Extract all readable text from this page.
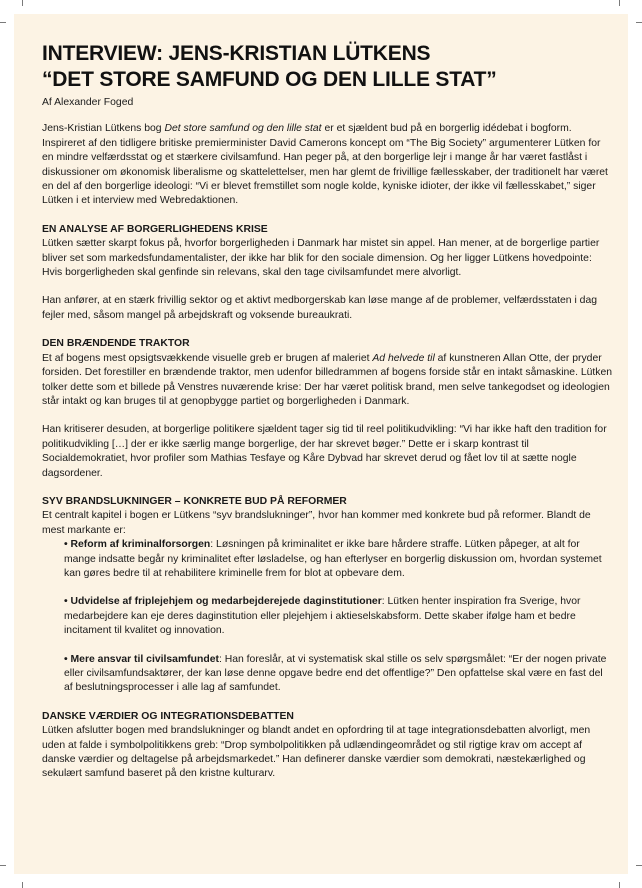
INTERVIEW: JENS-KRISTIAN LÜTKENS
“DET STORE SAMFUND OG DEN LILLE STAT”
Af Alexander Foged

Jens-Kristian Lütkens bog Det store samfund og den lille stat er et sjældent bud på en borgerlig idédebat i bogform. Inspireret af den tidligere britiske premierminister David Camerons koncept om “The Big Society” argumenterer Lütken for en mindre velfærdsstat og et stærkere civilsamfund. Han peger på, at den borgerlige lejr i mange år har været fastlåst i diskussioner om økonomisk liberalisme og skattelettelser, men har glemt de frivillige fællesskaber, der traditionelt har været en del af den borgerlige ideologi: “Vi er blevet fremstillet som nogle kolde, kyniske idioter, der ikke vil fællesskabet,” siger Lütken i et interview med Webredaktionen.

EN ANALYSE AF BORGERLIGHEDENS KRISE

Lütken sætter skarpt fokus på, hvorfor borgerligheden i Danmark har mistet sin appel. Han mener, at de borgerlige partier bliver set som markedsfundamentalister, der ikke har blik for den sociale dimension. Og her ligger Lütkens hovedpointe: Hvis borgerligheden skal genfinde sin relevans, skal den tage civilsamfundet mere alvorligt.

Han anfører, at en stærk frivillig sektor og et aktivt medborgerskab kan løse mange af de problemer, velfærdsstaten i dag fejler med, såsom mangel på arbejdskraft og voksende bureaukrati.

DEN BRÆNDENDE TRAKTOR

Et af bogens mest opsigtsvækkende visuelle greb er brugen af maleriet Ad helvede til af kunstneren Allan Otte, der pryder forsiden. Det forestiller en brændende traktor, men udenfor billedrammen af bogens forside står en intakt såmaskine. Lütken tolker dette som et billede på Venstres nuværende krise: Der har været politisk brand, men selve tankegodset og ideologien står intakt og kan bruges til at genopbygge partiet og borgerligheden i Danmark.

Han kritiserer desuden, at borgerlige politikere sjældent tager sig tid til reel politikudvikling: “Vi har ikke haft den tradition for politikudvikling […] der er ikke særlig mange borgerlige, der har skrevet bøger.” Dette er i skarp kontrast til Socialdemokratiet, hvor profiler som Mathias Tesfaye og Kåre Dybvad har skrevet derud og fået lov til at sætte nogle dagsordener.

SYV BRANDSLUKNINGER – KONKRETE BUD PÅ REFORMER

Et centralt kapitel i bogen er Lütkens “syv brandslukninger”, hvor han kommer med konkrete bud på reformer. Blandt de mest markante er:

• Reform af kriminalforsorgen: Løsningen på kriminalitet er ikke bare hårdere straffe. Lütken påpeger, at alt for mange indsatte begår ny kriminalitet efter løsladelse, og han efterlyser en borgerlig diskussion om, hvordan systemet kan gøres bedre til at rehabilitere kriminelle frem for blot at opbevare dem.

• Udvidelse af friplejehjem og medarbejderejede daginstitutioner: Lütken henter inspiration fra Sverige, hvor medarbejdere kan eje deres daginstitution eller plejehjem i aktieselskabsform. Dette skaber ifølge ham et bedre incitament til kvalitet og innovation.

• Mere ansvar til civilsamfundet: Han foreslår, at vi systematisk skal stille os selv spørgsmålet: “Er der nogen private eller civilsamfundsaktører, der kan løse denne opgave bedre end det offentlige?” Den opfattelse skal være en fast del af beslutningsprocesser i alle lag af samfundet.

DANSKE VÆRDIER OG INTEGRATIONSDEBATTEN

Lütken afslutter bogen med brandslukninger og blandt andet en opfordring til at tage integrationsdebatten alvorligt, men uden at falde i symbolpolitikkens greb: “Drop symbolpolitikken på udlændingeområdet og stil rigtige krav om accept af danske værdier og deltagelse på arbejdsmarkedet.” Han definerer danske værdier som demokrati, næstekærlighed og sekulært samfund baseret på den kristne kulturarv.
